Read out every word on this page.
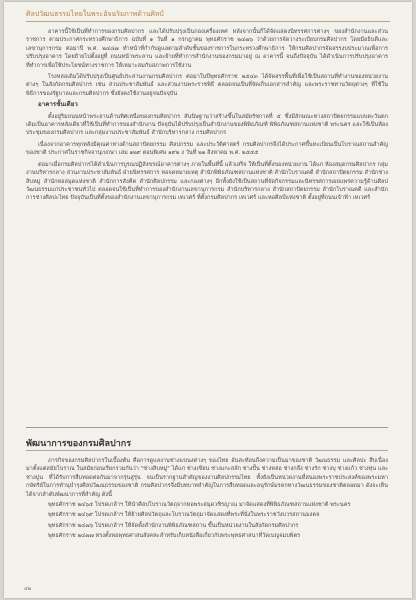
ศิลปวัฒนธรรมไทยในพระอัจฉริยภาพด้านศิลป์

อาคารนี้ใช้เป็นที่ทำการของกรมศิลปากร และได้ปรับปรุงเป็นกองเครื่องเทศ หลังจากนั้นก็ได้จัดแสดงนิทรรศการต่างๆ ของสำนักงานและส่วนราชการ ตามประกาศกระทรวงศึกษาธิการ ฉบับที่ ๑ วันที่ ๑ กรกฎาคม พุทธศักราช ๒๔๗๖ ว่าด้วยการจัดวางระเบียบกรมศิลปากร โดยมีอธิบดีและเลขานุการกรม ต่อมาปี พ.ศ. ๒๔๘๗ ทำหน้าที่กำกับดูแลตามลำดับชั้นของราชการในกระทรวงศึกษาธิการ ให้กรมศิลปากรจัดสรรงบประมาณเพื่อการปรับปรุงอาคาร โดยย้ายไปตั้งอยู่ที่ ถนนหน้าพระลาน และย้ายที่ทำการสำนักงานของกรมมาอยู่ ณ อาคารนี้ จนถึงปัจจุบัน ได้ดำเนินการปรับปรุงอาคารที่ทำการเพื่อใช้ประโยชน์ทางราชการ ให้เหมาะสมกับสภาพการใช้งาน

โรงหล่อเดิมได้ปรับปรุงเป็นศูนย์ประสานงานกรมศิลปากร ต่อมาในปีพุทธศักราช ๒๕๔๓ ได้จัดสรรพื้นที่เพื่อใช้เป็นสถานที่ทำงานของหน่วยงานต่างๆ ในสังกัดกรมศิลปากร เช่น ส่วนประชาสัมพันธ์ และส่วนงานพระราชพิธี ตลอดจนเป็นที่จัดเก็บเอกสารสำคัญ และพระราชทานวัตถุต่างๆ ที่ใช้ในพิธีการของรัฐบาลและกรมศิลปากร ซึ่งยังคงใช้งานอยู่จนปัจจุบัน

อาคารชั้นเดียว

ตั้งอยู่ริมถนนหน้าพระลานด้านทิศเหนือของกรมศิลปากร สันนิษฐานว่าสร้างขึ้นในสมัยรัชกาลที่ ๕ ซึ่งมีลักษณะทางสถาปัตยกรรมแบบตะวันตก เดิมเป็นอาคารหลังเดียวที่ใช้เป็นที่ทำการของสำนักงาน ปัจจุบันได้ปรับปรุงเป็นสำนักงานของพิพิธภัณฑ์ พิพิธภัณฑสถานแห่งชาติ พระนคร และใช้เป็นห้องประชุมของกรมศิลปากร และกลุ่มงานประชาสัมพันธ์ สำนักบริหารกลาง กรมศิลปากร

เนื่องจากอาคารทุกหลังมีคุณค่าทางด้านสถาปัตยกรรม ศิลปกรรม และประวัติศาสตร์ กรมศิลปากรจึงได้ประกาศขึ้นทะเบียนเป็นโบราณสถานสำคัญของชาติ ประกาศในราชกิจจานุเบกษา เล่ม ๑๒๙ ตอนพิเศษ ๑๙๒ ง วันที่ ๒๑ สิงหาคม พ.ศ. ๒๕๕๕

ต่อมาเมื่อกรมศิลปากรได้ดำเนินการบูรณปฏิสังขรณ์อาคารต่างๆ ภายในพื้นที่นี้ แล้วเสร็จ ให้เป็นที่ตั้งของหน่วยงาน ได้แก่ ห้องสมุดกรมศิลปากร กลุ่มงานบริหารกลาง ส่วนงานประชาสัมพันธ์ ฝ่ายนิทรรศการ หอจดหมายเหตุ สำนักพิพิธภัณฑสถานแห่งชาติ สำนักโบราณคดี สำนักสถาปัตยกรรม สำนักช่างสิบหมู่ สำนักหอสมุดแห่งชาติ สำนักการสังคีต สำนักศิลปกรรม และกองต่างๆ อีกทั้งยังใช้เป็นสถานที่จัดกิจกรรมและนิทรรศการเผยแพร่ความรู้ด้านศิลปวัฒนธรรมแก่ประชาชนทั่วไป ตลอดจนใช้เป็นที่ทำการของสำนักงานเลขานุการกรม สำนักบริหารกลาง สำนักสถาปัตยกรรม สำนักโบราณคดี และสำนักการช่างศิลปะไทย ปัจจุบันเป็นที่ตั้งของสำนักงานเลขานุการกรม เทเวศร์ ที่ตั้งกรมศิลปากร เทเวศร์ และหอศิลป์แห่งชาติ ตั้งอยู่ที่ถนนเจ้าฟ้า เทเวศร์

พัฒนาการของกรมศิลปากร

ภารกิจของกรมศิลปากรในเบื้องต้น คือการดูแลงานช่างแขนงต่างๆ ของไทย อันสะท้อนถึงความเป็นมาของชาติ วัฒนธรรม และศิลปะ สืบเนื่องมาตั้งแต่สมัยโบราณ ในสมัยก่อนเรียกรวมกันว่า "ช่างสิบหมู่" ได้แก่ ช่างเขียน ช่างแกะสลัก ช่างปั้น ช่างหล่อ ช่างกลึง ช่างรัก ช่างบุ ช่างแก้ว ช่างหุ่น และช่างปูน ที่ได้รับการสืบทอดต่อกันมาจากรุ่นสู่รุ่น จนเป็นรากฐานสำคัญของงานศิลปกรรมไทย ทั้งยังเป็นหน่วยงานที่สนองพระราชประสงค์ของพระมหากษัตริย์ในการทำนุบำรุงศิลปวัฒนธรรมของชาติ กรมศิลปากรจึงมีบทบาทสำคัญในการสืบทอดและอนุรักษ์มรดกทางวัฒนธรรมของชาติตลอดมา ดังจะเห็นได้จากลำดับพัฒนาการที่สำคัญ ดังนี้

พุทธศักราช ๒๔๖๕ โปรดเกล้าฯ ให้นำศิลปโบราณวัตถุจากหอพระสมุดวชิรญาณ มาจัดแสดงที่พิพิธภัณฑสถานแห่งชาติ พระนคร

พุทธศักราช ๒๔๖๙ โปรดเกล้าฯ ให้ย้ายศิลปวัตถุและโบราณวัตถุมาจัดแสดงที่พระที่นั่งในพระราชวังบวรสถานมงคล

พุทธศักราช ๒๔๗๖ โปรดเกล้าฯ ให้จัดตั้งสำนักงานพิพิธภัณฑสถาน ขึ้นเป็นหน่วยงานในสังกัดกรมศิลปากร

พุทธศักราช ๒๔๗๗ ทรงตั้งหอพุทธศาสนสังคหะสำหรับเก็บหนังสือเกี่ยวกับพระพุทธศาสนาที่วัดเบญจมบพิตร

๔๒
